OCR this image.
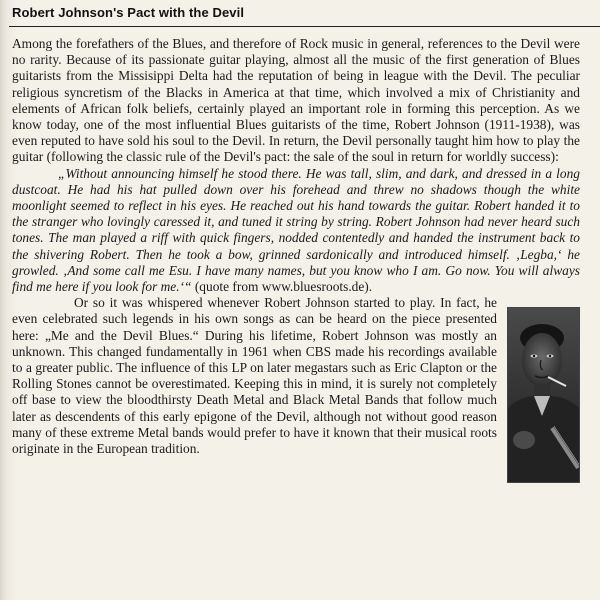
Robert Johnson's Pact with the Devil

Among the forefathers of the Blues, and therefore of Rock music in general, references to the Devil were no rarity. Because of its passionate guitar playing, almost all the music of the first generation of Blues guitarists from the Missisippi Delta had the reputation of being in league with the Devil. The peculiar religious syncretism of the Blacks in America at that time, which involved a mix of Christianity and elements of African folk beliefs, certainly played an important role in forming this perception. As we know today, one of the most influential Blues guitarists of the time, Robert Johnson (1911-1938), was even reputed to have sold his soul to the Devil. In return, the Devil personally taught him how to play the guitar (following the classic rule of the Devil's pact: the sale of the soul in return for worldly success):

„Without announcing himself he stood there. He was tall, slim, and dark, and dressed in a long dustcoat. He had his hat pulled down over his forehead and threw no shadows though the white moonlight seemed to reflect in his eyes. He reached out his hand towards the guitar. Robert handed it to the stranger who lovingly caressed it, and tuned it string by string. Robert Johnson had never heard such tones. The man played a riff with quick fingers, nodded contentedly and handed the instrument back to the shivering Robert. Then he took a bow, grinned sardonically and introduced himself. ‚Legba,‘ he growled. ‚And some call me Esu. I have many names, but you know who I am. Go now. You will always find me here if you look for me.‘“ (quote from www.bluesroots.de).

Or so it was whispered whenever Robert Johnson started to play. In fact, he even celebrated such legends in his own songs as can be heard on the piece presented here: „Me and the Devil Blues.“ During his lifetime, Robert Johnson was mostly an unknown. This changed fundamentally in 1961 when CBS made his recordings available to a greater public. The influence of this LP on later megastars such as Eric Clapton or the Rolling Stones cannot be overestimated. Keeping this in mind, it is surely not completely off base to view the bloodthirsty Death Metal and Black Metal Bands that follow much later as descendents of this early epigone of the Devil, although not without good reason many of these extreme Metal bands would prefer to have it known that their musical roots originate in the European tradition.
